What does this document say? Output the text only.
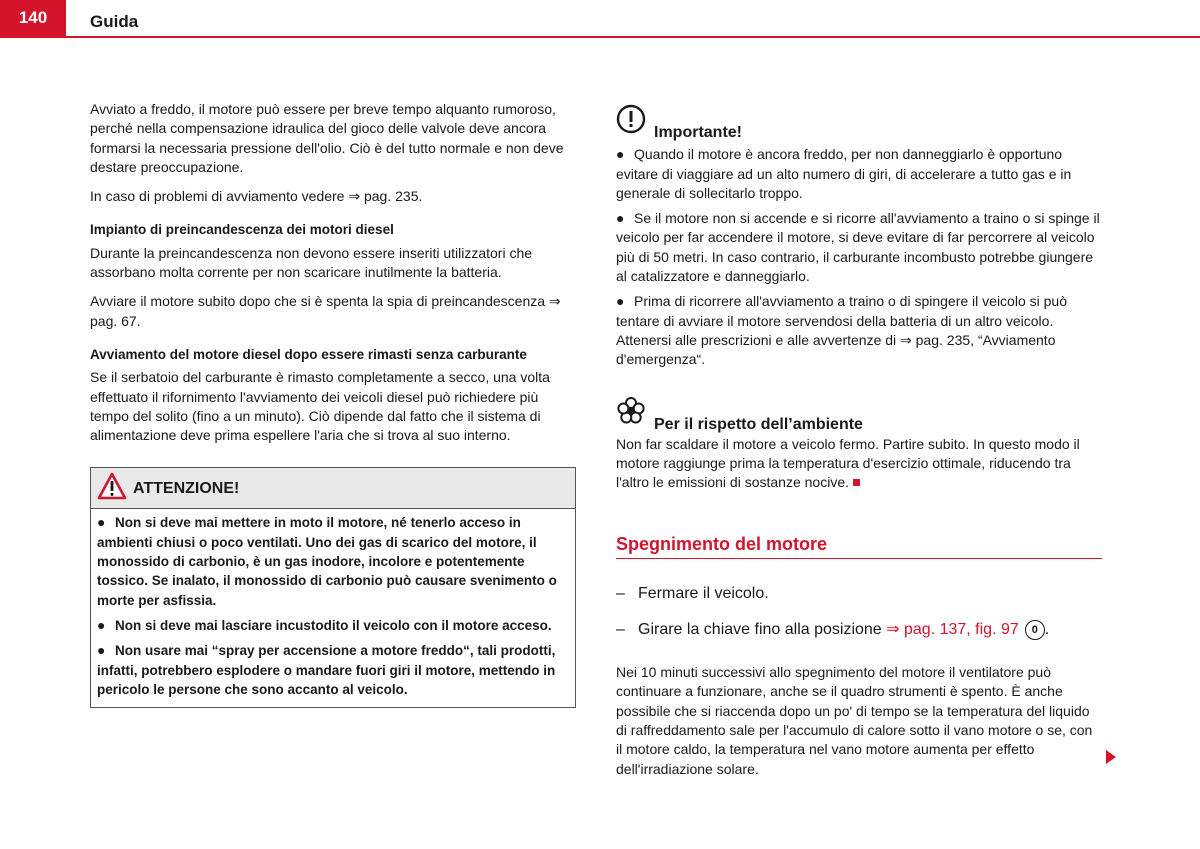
140	Guida

Avviato a freddo, il motore può essere per breve tempo alquanto rumoroso, perché nella compensazione idraulica del gioco delle valvole deve ancora formarsi la necessaria pressione dell'olio. Ciò è del tutto normale e non deve destare preoccupazione.

In caso di problemi di avviamento vedere ⇒ pag. 235.

Impianto di preincandescenza dei motori diesel

Durante la preincandescenza non devono essere inseriti utilizzatori che assorbano molta corrente per non scaricare inutilmente la batteria.

Avviare il motore subito dopo che si è spenta la spia di preincandescenza ⇒ pag. 67.

Avviamento del motore diesel dopo essere rimasti senza carburante

Se il serbatoio del carburante è rimasto completamente a secco, una volta effettuato il rifornimento l'avviamento dei veicoli diesel può richiedere più tempo del solito (fino a un minuto). Ciò dipende dal fatto che il sistema di alimentazione deve prima espellere l'aria che si trova al suo interno.

ATTENZIONE!
● Non si deve mai mettere in moto il motore, né tenerlo acceso in ambienti chiusi o poco ventilati. Uno dei gas di scarico del motore, il monossido di carbonio, è un gas inodore, incolore e potentemente tossico. Se inalato, il monossido di carbonio può causare svenimento o morte per asfissia.
● Non si deve mai lasciare incustodito il veicolo con il motore acceso.
● Non usare mai “spray per accensione a motore freddo“, tali prodotti, infatti, potrebbero esplodere o mandare fuori giri il motore, mettendo in pericolo le persone che sono accanto al veicolo.
Importante!
● Quando il motore è ancora freddo, per non danneggiarlo è opportuno evitare di viaggiare ad un alto numero di giri, di accelerare a tutto gas e in generale di sollecitarlo troppo.
● Se il motore non si accende e si ricorre all'avviamento a traino o si spinge il veicolo per far accendere il motore, si deve evitare di far percorrere al veicolo più di 50 metri. In caso contrario, il carburante incombusto potrebbe giungere al catalizzatore e danneggiarlo.
● Prima di ricorrere all'avviamento a traino o di spingere il veicolo si può tentare di avviare il motore servendosi della batteria di un altro veicolo. Attenersi alle prescrizioni e alle avvertenze di ⇒ pag. 235, “Avviamento d'emergenza“.
Per il rispetto dell’ambiente

Non far scaldare il motore a veicolo fermo. Partire subito. In questo modo il motore raggiunge prima la temperatura d'esercizio ottimale, riducendo tra l'altro le emissioni di sostanze nocive.

Spegnimento del motore
– Fermare il veicolo.
– Girare la chiave fino alla posizione ⇒ pag. 137, fig. 97 0 .

Nei 10 minuti successivi allo spegnimento del motore il ventilatore può continuare a funzionare, anche se il quadro strumenti è spento. È anche possibile che si riaccenda dopo un po' di tempo se la temperatura del liquido di raffreddamento sale per l'accumulo di calore sotto il vano motore o se, con il motore caldo, la temperatura nel vano motore aumenta per effetto dell'irradiazione solare.
